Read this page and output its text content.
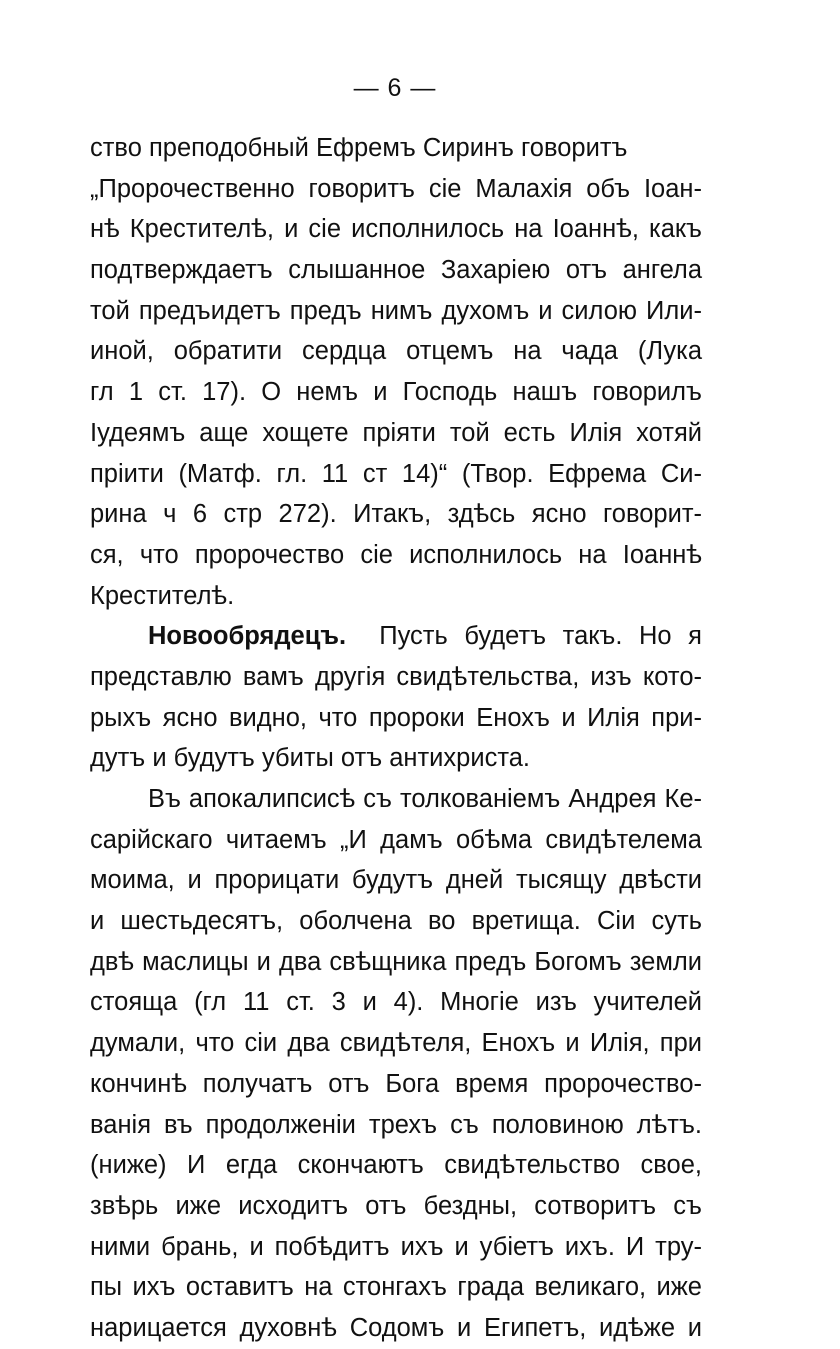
— 6 —
ство преподобный Ефремъ Сиринъ говоритъ
„Пророчественно говоритъ сiе Малахiя объ Iоан-
нѣ Крестителѣ, и сiе исполнилось на Iоаннѣ, какъ
подтверждаетъ слышанное Захарiею отъ ангела
той предъидетъ предъ нимъ духомъ и силою Или-
иной, обратити сердца отцемъ на чада (Лука
гл 1 ст. 17). О немъ и Господь нашъ говорилъ
Iудеямъ аще хощете прiяти той есть Илiя хотяй
прiити (Матф. гл. 11 ст 14)“ (Твор. Ефрема Си-
рина ч 6 стр 272). Итакъ, здѣсь ясно говорит-
ся, что пророчество сiе исполнилось на Iоаннѣ
Крестителѣ.
Новообрядецъ. Пусть будетъ такъ. Но я
представлю вамъ другiя свидѣтельства, изъ кото-
рыхъ ясно видно, что пророки Енохъ и Илiя при-
дутъ и будутъ убиты отъ антихриста.
Въ апокалипсисѣ съ толкованiемъ Андрея Ке-
сарiйскаго читаемъ „И дамъ обѣма свидѣтелема
моима, и прорицати будутъ дней тысящу двѣсти
и шестьдесятъ, оболчена во вретища. Сiи суть
двѣ маслицы и два свѣщника предъ Богомъ земли
стояща (гл 11 ст. 3 и 4). Многiе изъ учителей
думали, что сiи два свидѣтеля, Енохъ и Илiя, при
кончинѣ получатъ отъ Бога время пророчество-
ванiя въ продолженiи трехъ съ половиною лѣтъ.
(ниже) И егда скончаютъ свидѣтельство свое,
звѣрь иже исходитъ отъ бездны, сотворитъ съ
ними брань, и побѣдитъ ихъ и убiетъ ихъ. И тру-
пы ихъ оставитъ на стонгахъ града великаго, иже
нарицается духовнѣ Содомъ и Египетъ, идѣже и
